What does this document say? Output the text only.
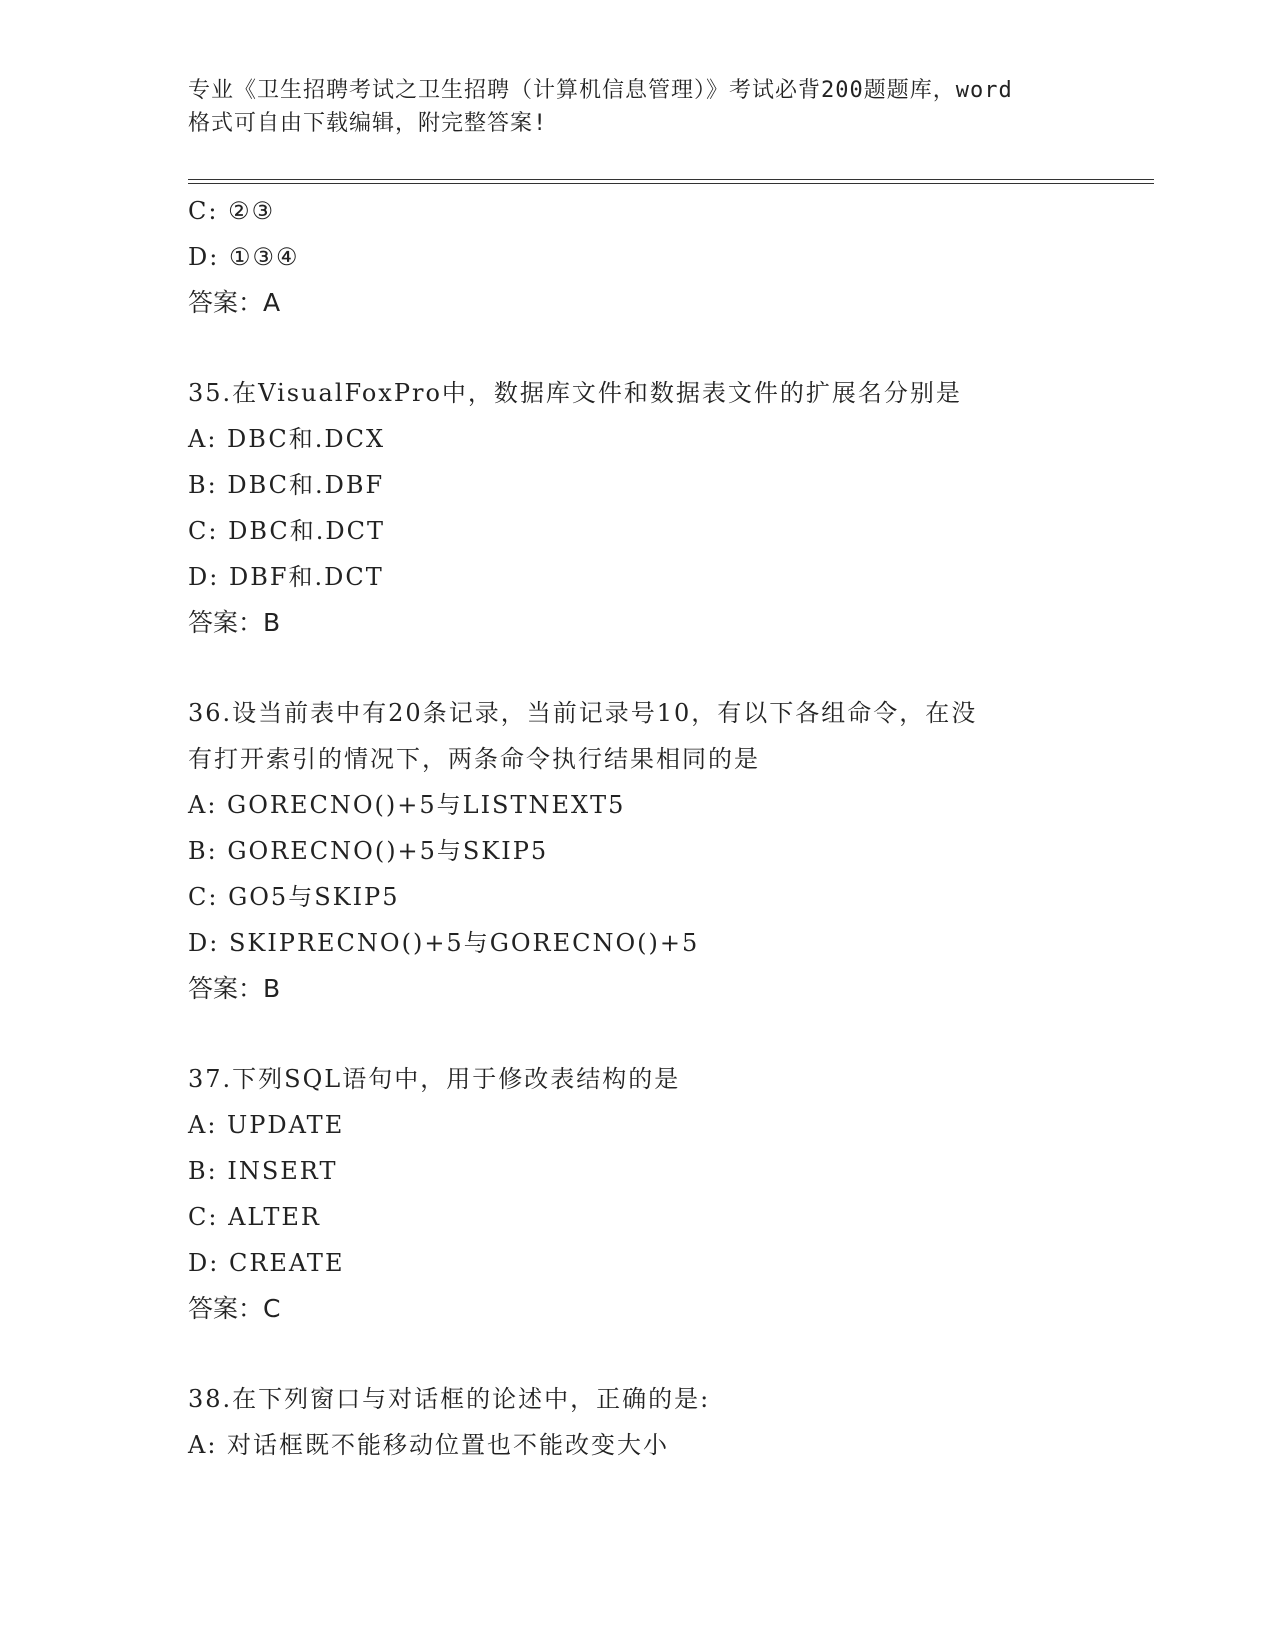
专业《卫生招聘考试之卫生招聘（计算机信息管理）》考试必背200题题库，word
格式可自由下载编辑，附完整答案!
C: ②③
D: ①③④
答案：A
35.在VisualFoxPro中，数据库文件和数据表文件的扩展名分别是
A: DBC和.DCX
B: DBC和.DBF
C: DBC和.DCT
D: DBF和.DCT
答案：B
36.设当前表中有20条记录，当前记录号10，有以下各组命令，在没
有打开索引的情况下，两条命令执行结果相同的是
A: GORECNO()+5与LISTNEXT5
B: GORECNO()+5与SKIP5
C: GO5与SKIP5
D: SKIPRECNO()+5与GORECNO()+5
答案：B
37.下列SQL语句中，用于修改表结构的是
A: UPDATE
B: INSERT
C: ALTER
D: CREATE
答案：C
38.在下列窗口与对话框的论述中，正确的是:
A: 对话框既不能移动位置也不能改变大小
